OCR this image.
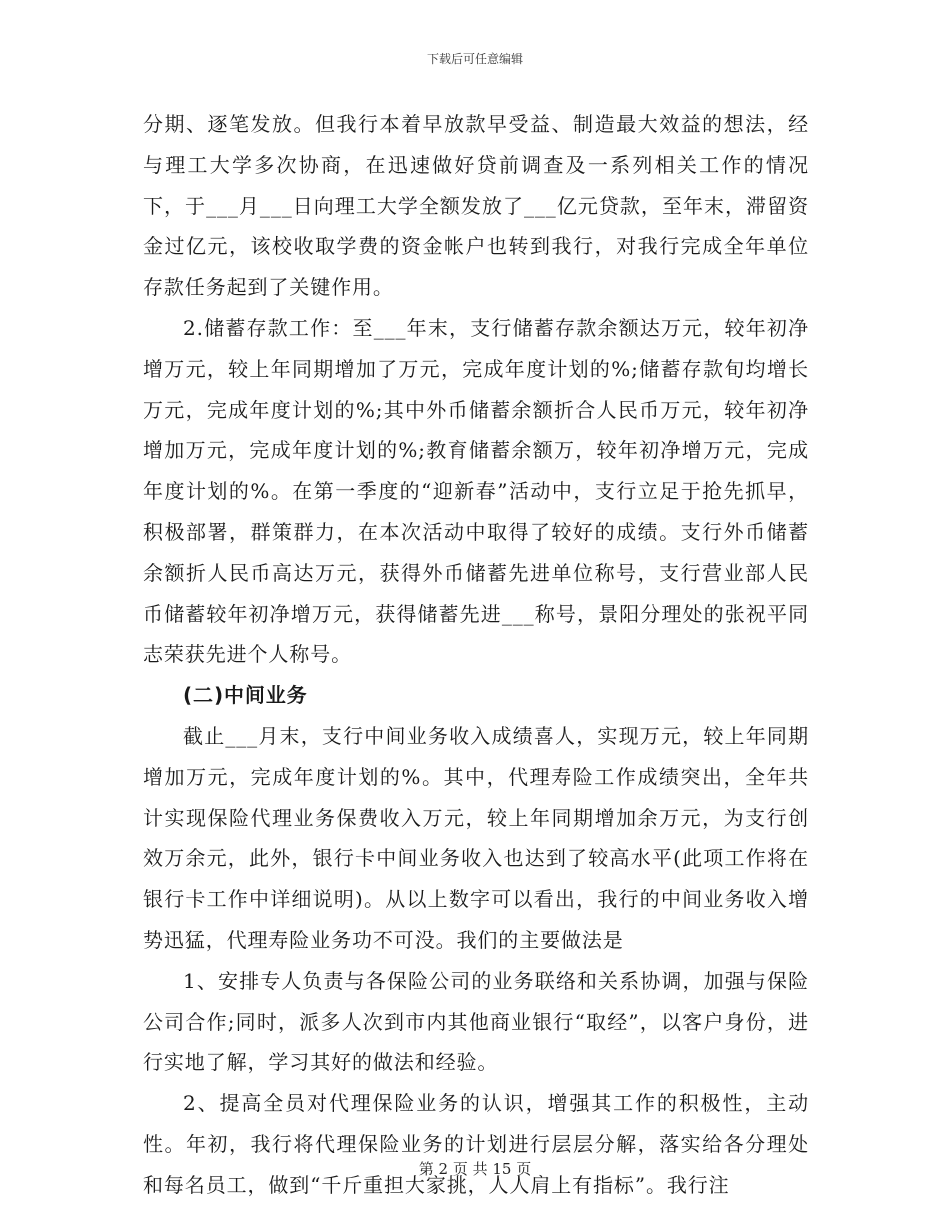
下载后可任意编辑

分期、逐笔发放。但我行本着早放款早受益、制造最大效益的想法，经与理工大学多次协商，在迅速做好贷前调查及一系列相关工作的情况下，于___月___日向理工大学全额发放了___亿元贷款，至年末，滞留资金过亿元，该校收取学费的资金帐户也转到我行，对我行完成全年单位存款任务起到了关键作用。

2.储蓄存款工作：至___年末，支行储蓄存款余额达万元，较年初净增万元，较上年同期增加了万元，完成年度计划的%;储蓄存款旬均增长万元，完成年度计划的%;其中外币储蓄余额折合人民币万元，较年初净增加万元，完成年度计划的%;教育储蓄余额万，较年初净增万元，完成年度计划的%。在第一季度的“迎新春”活动中，支行立足于抢先抓早，积极部署，群策群力，在本次活动中取得了较好的成绩。支行外币储蓄余额折人民币高达万元，获得外币储蓄先进单位称号，支行营业部人民币储蓄较年初净增万元，获得储蓄先进___称号，景阳分理处的张祝平同志荣获先进个人称号。

(二)中间业务

截止___月末，支行中间业务收入成绩喜人，实现万元，较上年同期增加万元，完成年度计划的%。其中，代理寿险工作成绩突出，全年共计实现保险代理业务保费收入万元，较上年同期增加余万元，为支行创效万余元，此外，银行卡中间业务收入也达到了较高水平(此项工作将在银行卡工作中详细说明)。从以上数字可以看出，我行的中间业务收入增势迅猛，代理寿险业务功不可没。我们的主要做法是

1、安排专人负责与各保险公司的业务联络和关系协调，加强与保险公司合作;同时，派多人次到市内其他商业银行“取经”，以客户身份，进行实地了解，学习其好的做法和经验。

2、提高全员对代理保险业务的认识，增强其工作的积极性，主动性。年初，我行将代理保险业务的计划进行层层分解，落实给各分理处和每名员工，做到“千斤重担大家挑，人人肩上有指标”。我行注

第 2 页 共 15 页
